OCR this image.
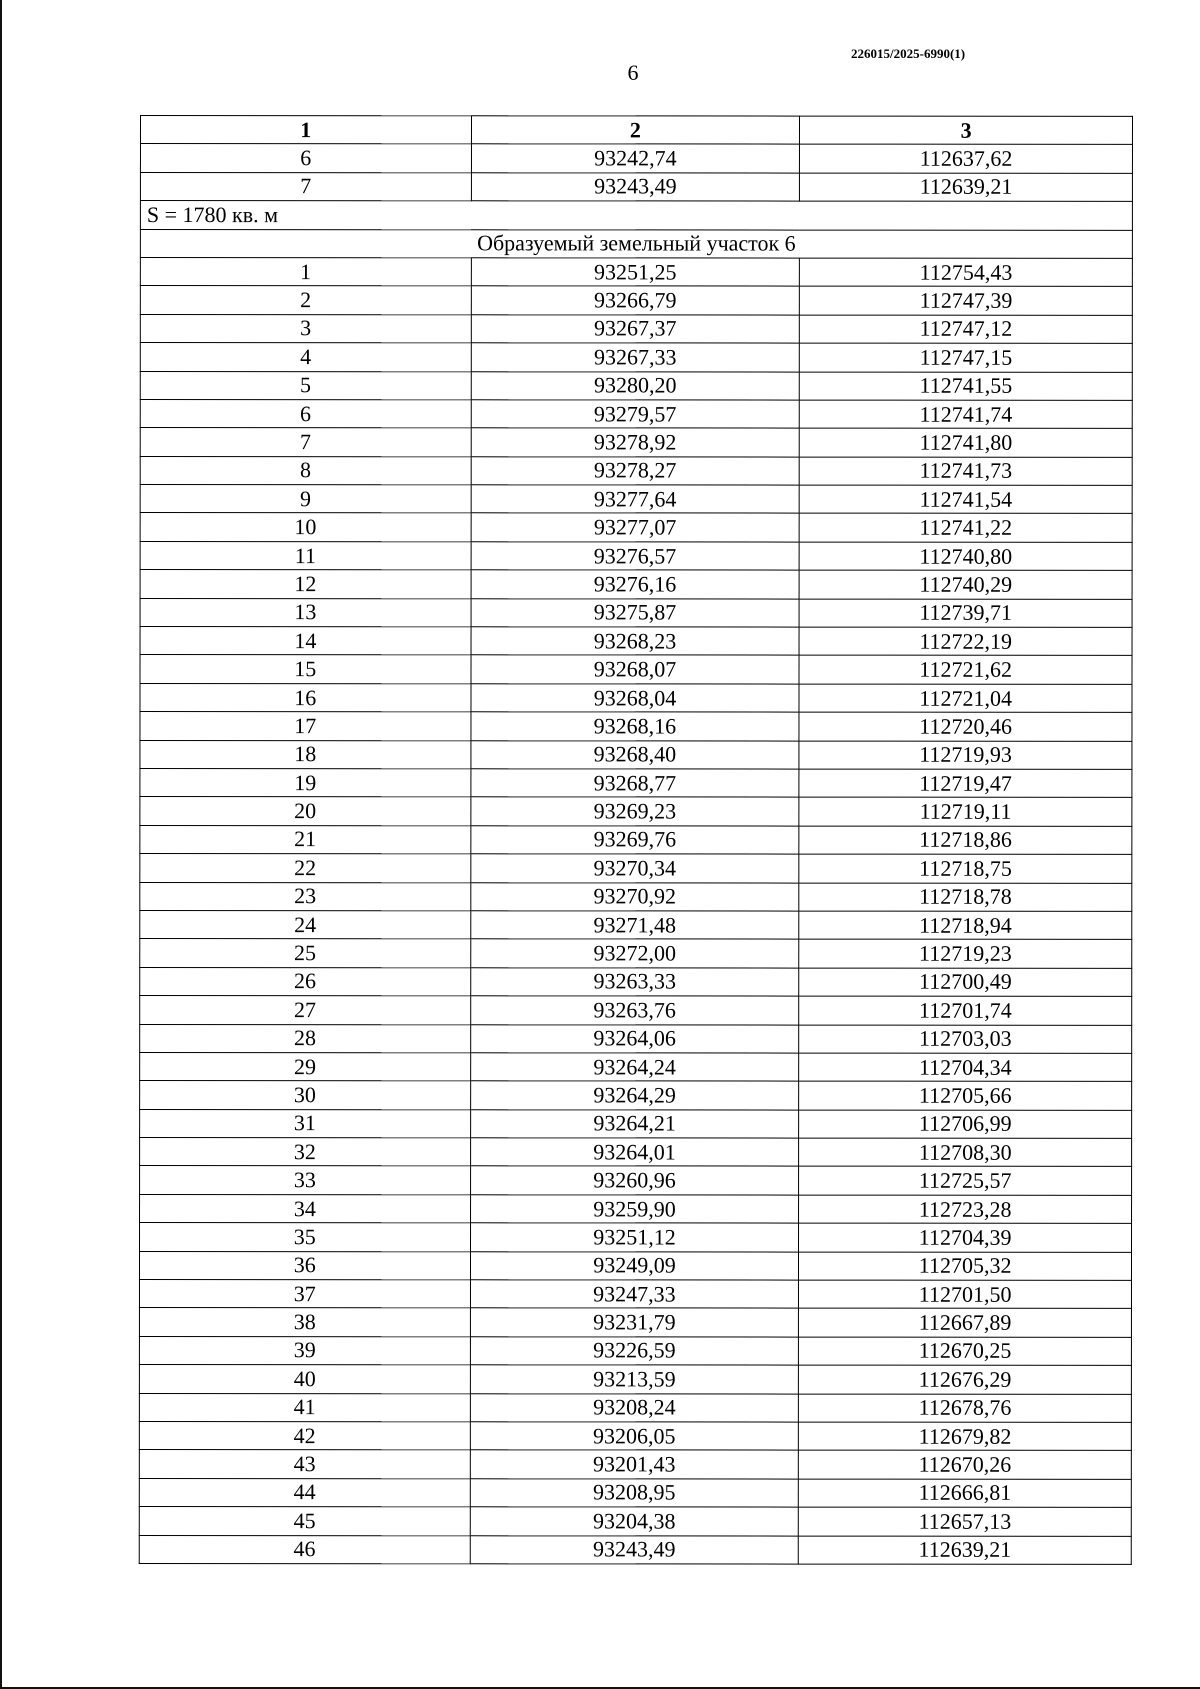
226015/2025-6990(1)
6
1	2	3
6	93242,74	112637,62
7	93243,49	112639,21
S = 1780 кв. м		
Образуемый земельный участок 6		
1	93251,25	112754,43
2	93266,79	112747,39
3	93267,37	112747,12
4	93267,33	112747,15
5	93280,20	112741,55
6	93279,57	112741,74
7	93278,92	112741,80
8	93278,27	112741,73
9	93277,64	112741,54
10	93277,07	112741,22
11	93276,57	112740,80
12	93276,16	112740,29
13	93275,87	112739,71
14	93268,23	112722,19
15	93268,07	112721,62
16	93268,04	112721,04
17	93268,16	112720,46
18	93268,40	112719,93
19	93268,77	112719,47
20	93269,23	112719,11
21	93269,76	112718,86
22	93270,34	112718,75
23	93270,92	112718,78
24	93271,48	112718,94
25	93272,00	112719,23
26	93263,33	112700,49
27	93263,76	112701,74
28	93264,06	112703,03
29	93264,24	112704,34
30	93264,29	112705,66
31	93264,21	112706,99
32	93264,01	112708,30
33	93260,96	112725,57
34	93259,90	112723,28
35	93251,12	112704,39
36	93249,09	112705,32
37	93247,33	112701,50
38	93231,79	112667,89
39	93226,59	112670,25
40	93213,59	112676,29
41	93208,24	112678,76
42	93206,05	112679,82
43	93201,43	112670,26
44	93208,95	112666,81
45	93204,38	112657,13
46	93243,49	112639,21
